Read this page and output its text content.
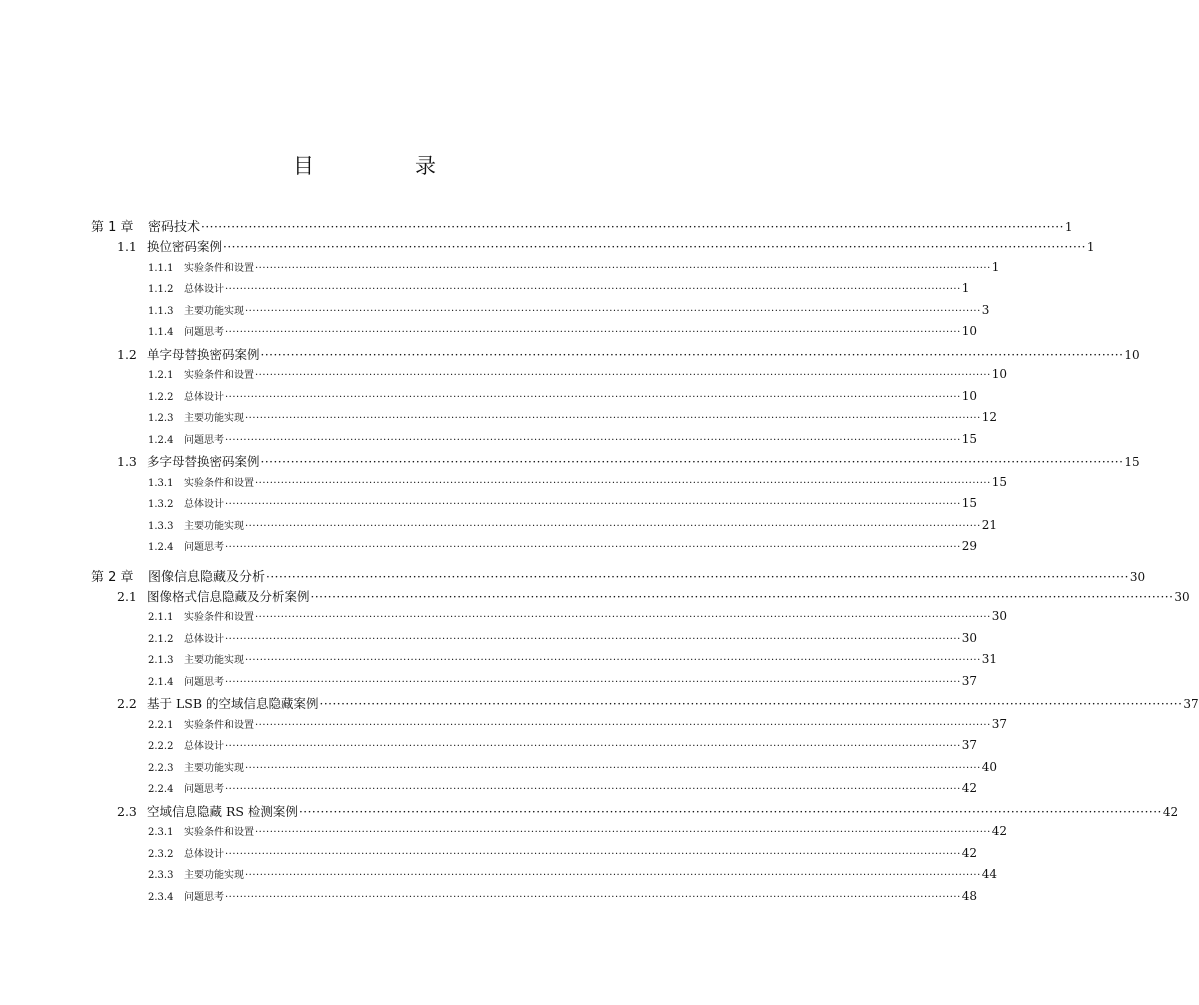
目　录
第 1 章	密码技术 ········································································································································································································ 1
1.1 换位密码案例 ········································································································································································································ 1
1.1.1	实验条件和设置 ········································································································································································································ 1
1.1.2	总体设计 ········································································································································································································ 1
1.1.3	主要功能实现 ········································································································································································································ 3
1.1.4	问题思考 ········································································································································································································ 10
1.2 单字母替换密码案例 ········································································································································································································ 10
1.2.1	实验条件和设置 ········································································································································································································ 10
1.2.2	总体设计 ········································································································································································································ 10
1.2.3	主要功能实现 ········································································································································································································ 12
1.2.4	问题思考 ········································································································································································································ 15
1.3 多字母替换密码案例 ········································································································································································································ 15
1.3.1	实验条件和设置 ········································································································································································································ 15
1.3.2	总体设计 ········································································································································································································ 15
1.3.3	主要功能实现 ········································································································································································································ 21
1.2.4	问题思考 ········································································································································································································ 29
第 2 章	图像信息隐藏及分析 ········································································································································································································ 30
2.1 图像格式信息隐藏及分析案例 ········································································································································································································ 30
2.1.1	实验条件和设置 ········································································································································································································ 30
2.1.2	总体设计 ········································································································································································································ 30
2.1.3	主要功能实现 ········································································································································································································ 31
2.1.4	问题思考 ········································································································································································································ 37
2.2 基于 LSB 的空域信息隐藏案例 ········································································································································································································ 37
2.2.1	实验条件和设置 ········································································································································································································ 37
2.2.2	总体设计 ········································································································································································································ 37
2.2.3	主要功能实现 ········································································································································································································ 40
2.2.4	问题思考 ········································································································································································································ 42
2.3 空域信息隐藏 RS 检测案例 ········································································································································································································ 42
2.3.1	实验条件和设置 ········································································································································································································ 42
2.3.2	总体设计 ········································································································································································································ 42
2.3.3	主要功能实现 ········································································································································································································ 44
2.3.4	问题思考 ········································································································································································································ 48
